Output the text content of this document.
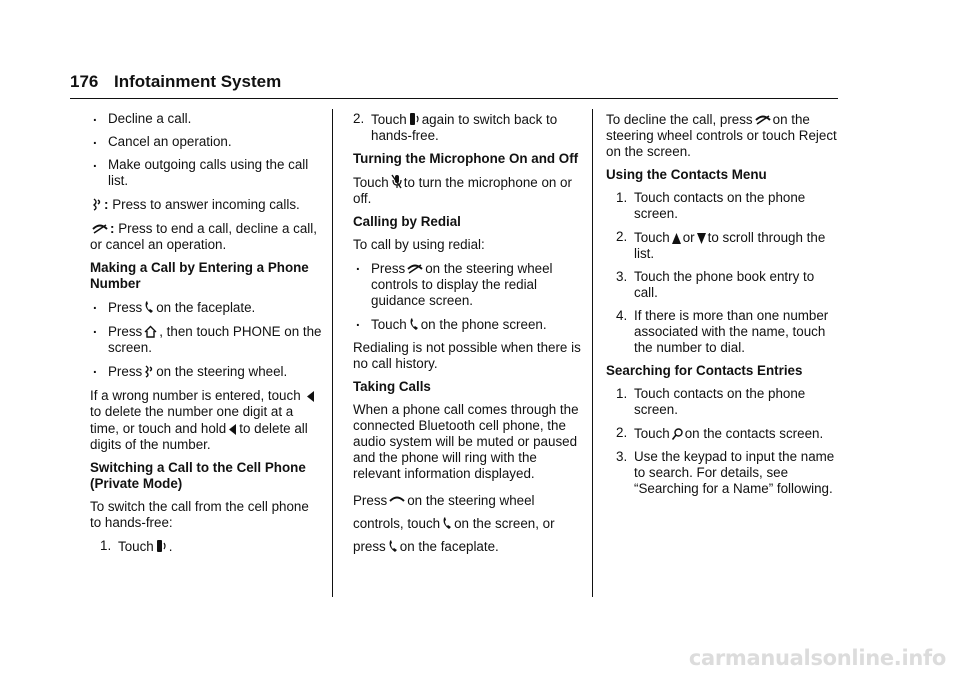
176 Infotainment System

. Decline a call.

. Cancel an operation.

. Make outgoing calls using the call list.

: Press to answer incoming calls.

: Press to end a call, decline a call, or cancel an operation.

Making a Call by Entering a Phone Number

. Press on the faceplate.

. Press , then touch PHONE on the screen.

. Press on the steering wheel.

If a wrong number is entered, touch to delete the number one digit at a time, or touch and hold to delete all digits of the number.

Switching a Call to the Cell Phone (Private Mode)

To switch the call from the cell phone to hands-free:

1. Touch .

2. Touch again to switch back to hands-free.

Turning the Microphone On and Off

Touch to turn the microphone on or off.

Calling by Redial

To call by using redial:

. Press on the steering wheel controls to display the redial guidance screen.

. Touch on the phone screen.

Redialing is not possible when there is no call history.

Taking Calls

When a phone call comes through the connected Bluetooth cell phone, the audio system will be muted or paused and the phone will ring with the relevant information displayed.

Press on the steering wheel controls, touch on the screen, or press on the faceplate.

To decline the call, press on the steering wheel controls or touch Reject on the screen.

Using the Contacts Menu

1. Touch contacts on the phone screen.

2. Touch or to scroll through the list.

3. Touch the phone book entry to call.

4. If there is more than one number associated with the name, touch the number to dial.

Searching for Contacts Entries

1. Touch contacts on the phone screen.

2. Touch on the contacts screen.

3. Use the keypad to input the name to search. For details, see “Searching for a Name” following.

carmanualsonline.info
